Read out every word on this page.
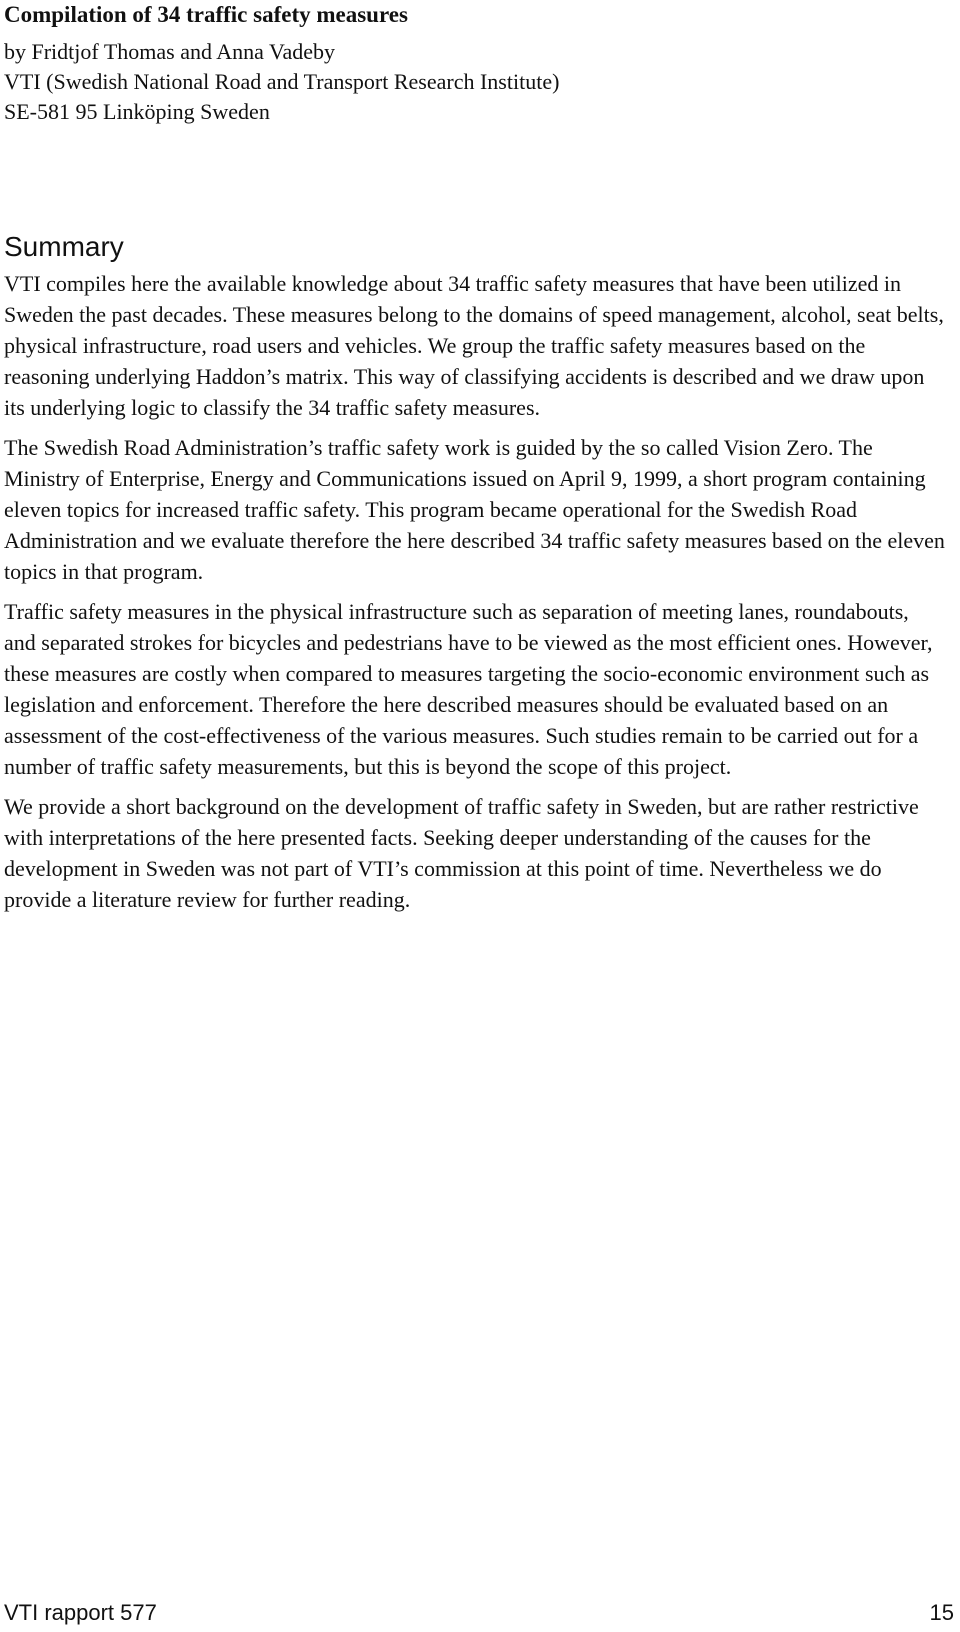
Compilation of 34 traffic safety measures
by Fridtjof Thomas and Anna Vadeby
VTI (Swedish National Road and Transport Research Institute)
SE-581 95 Linköping Sweden
Summary

VTI compiles here the available knowledge about 34 traffic safety measures that have been utilized in Sweden the past decades. These measures belong to the domains of speed management, alcohol, seat belts, physical infrastructure, road users and vehicles. We group the traffic safety measures based on the reasoning underlying Haddon’s matrix. This way of classifying accidents is described and we draw upon its underlying logic to classify the 34 traffic safety measures.

The Swedish Road Administration’s traffic safety work is guided by the so called Vision Zero. The Ministry of Enterprise, Energy and Communications issued on April 9, 1999, a short program containing eleven topics for increased traffic safety. This program became operational for the Swedish Road Administration and we evaluate therefore the here described 34 traffic safety measures based on the eleven topics in that program.

Traffic safety measures in the physical infrastructure such as separation of meeting lanes, roundabouts, and separated strokes for bicycles and pedestrians have to be viewed as the most efficient ones. However, these measures are costly when compared to measures targeting the socio-economic environment such as legislation and enforcement. Therefore the here described measures should be evaluated based on an assessment of the cost-effectiveness of the various measures. Such studies remain to be carried out for a number of traffic safety measurements, but this is beyond the scope of this project.

We provide a short background on the development of traffic safety in Sweden, but are rather restrictive with interpretations of the here presented facts. Seeking deeper understanding of the causes for the development in Sweden was not part of VTI’s commission at this point of time. Nevertheless we do provide a literature review for further reading.

VTI rapport 577	15
